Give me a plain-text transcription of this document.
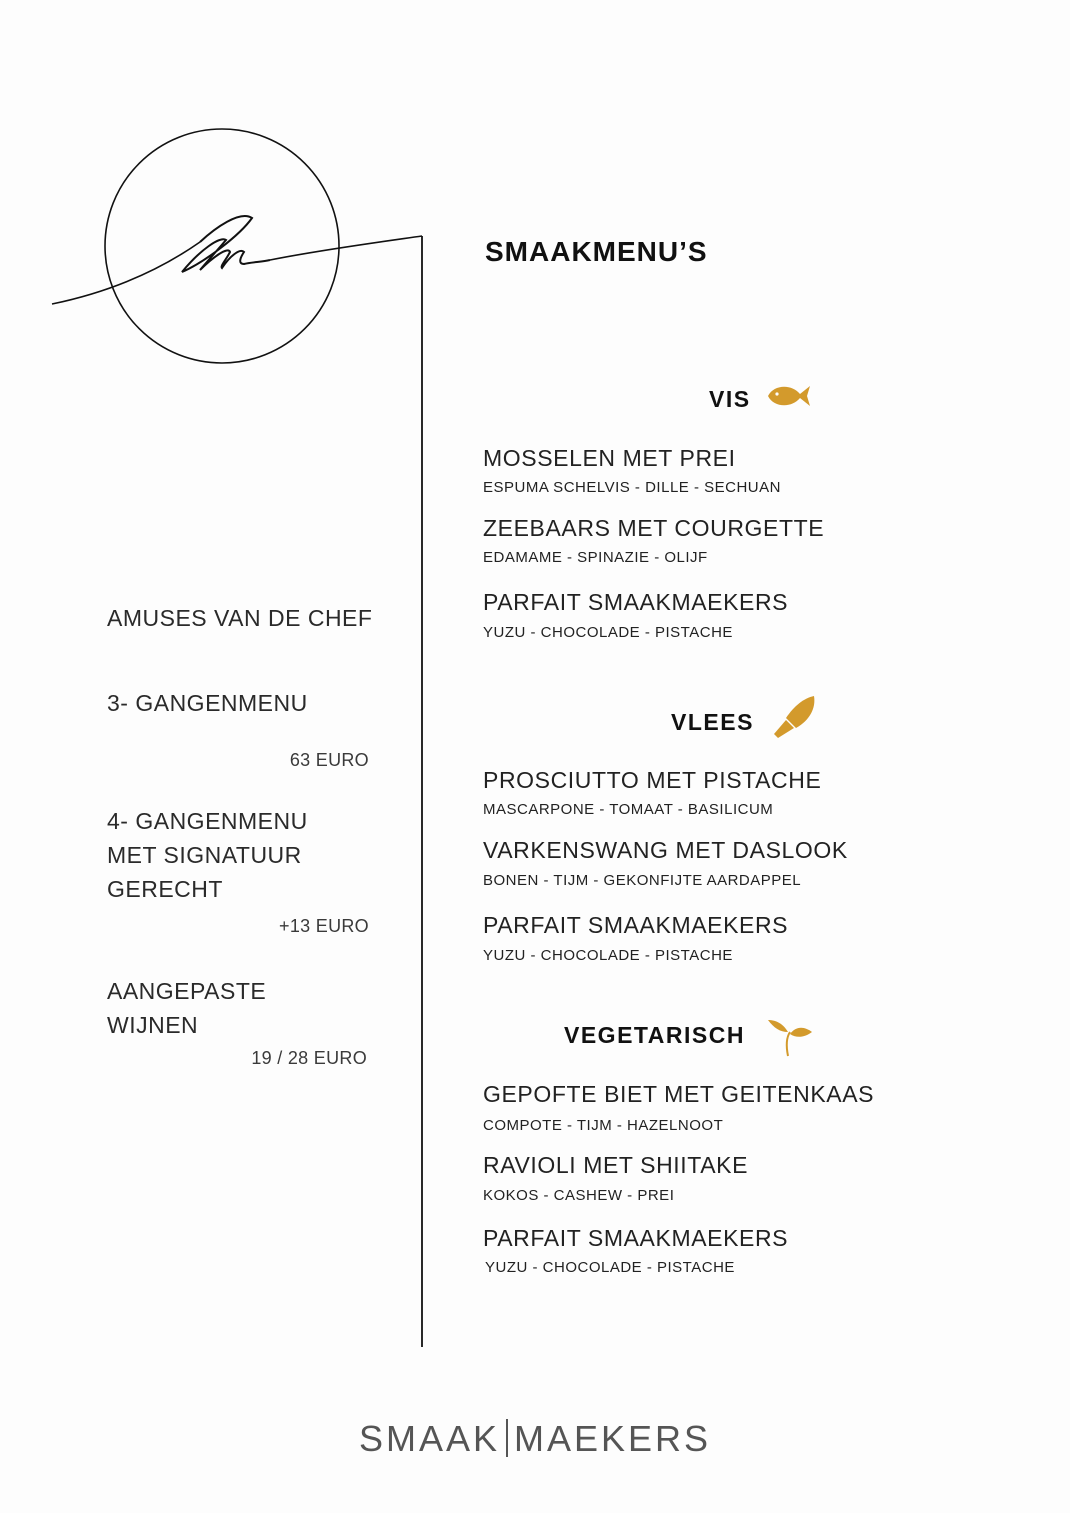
AMUSES VAN DE CHEF
3- GANGENMENU
63 EURO
4- GANGENMENU
MET SIGNATUUR
GERECHT
+13 EURO
AANGEPASTE
WIJNEN
19 / 28 EURO
SMAAKMENU’S
VIS
MOSSELEN MET PREI
ESPUMA SCHELVIS - DILLE - SECHUAN
ZEEBAARS MET COURGETTE
EDAMAME - SPINAZIE - OLIJF
PARFAIT SMAAKMAEKERS
YUZU - CHOCOLADE - PISTACHE
VLEES
PROSCIUTTO MET PISTACHE
MASCARPONE - TOMAAT - BASILICUM
VARKENSWANG MET DASLOOK
BONEN - TIJM - GEKONFIJTE AARDAPPEL
PARFAIT SMAAKMAEKERS
YUZU - CHOCOLADE - PISTACHE
VEGETARISCH
GEPOFTE BIET MET GEITENKAAS
COMPOTE - TIJM - HAZELNOOT
RAVIOLI MET SHIITAKE
KOKOS - CASHEW - PREI
PARFAIT SMAAKMAEKERS
YUZU - CHOCOLADE - PISTACHE
SMAAK MAEKERS
